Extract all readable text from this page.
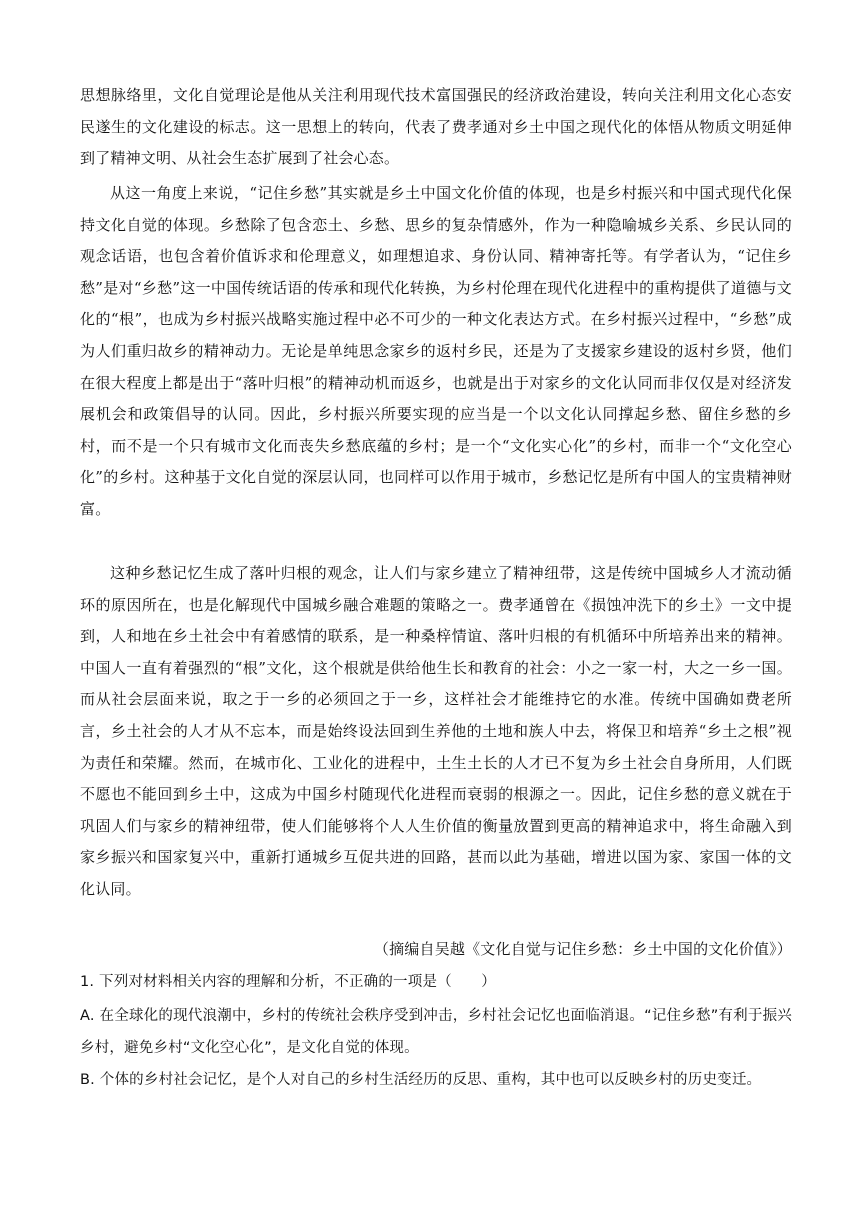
思想脉络里，文化自觉理论是他从关注利用现代技术富国强民的经济政治建设，转向关注利用文化心态安民遂生的文化建设的标志。这一思想上的转向，代表了费孝通对乡土中国之现代化的体悟从物质文明延伸到了精神文明、从社会生态扩展到了社会心态。

从这一角度上来说，“记住乡愁”其实就是乡土中国文化价值的体现，也是乡村振兴和中国式现代化保持文化自觉的体现。乡愁除了包含恋土、乡愁、思乡的复杂情感外，作为一种隐喻城乡关系、乡民认同的观念话语，也包含着价值诉求和伦理意义，如理想追求、身份认同、精神寄托等。有学者认为，“记住乡愁”是对“乡愁”这一中国传统话语的传承和现代化转换，为乡村伦理在现代化进程中的重构提供了道德与文化的“根”，也成为乡村振兴战略实施过程中必不可少的一种文化表达方式。在乡村振兴过程中，“乡愁”成为人们重归故乡的精神动力。无论是单纯思念家乡的返村乡民，还是为了支援家乡建设的返村乡贤，他们在很大程度上都是出于“落叶归根”的精神动机而返乡，也就是出于对家乡的文化认同而非仅仅是对经济发展机会和政策倡导的认同。因此，乡村振兴所要实现的应当是一个以文化认同撑起乡愁、留住乡愁的乡村，而不是一个只有城市文化而丧失乡愁底蕴的乡村；是一个“文化实心化”的乡村，而非一个“文化空心化”的乡村。这种基于文化自觉的深层认同，也同样可以作用于城市，乡愁记忆是所有中国人的宝贵精神财富。

这种乡愁记忆生成了落叶归根的观念，让人们与家乡建立了精神纽带，这是传统中国城乡人才流动循环的原因所在，也是化解现代中国城乡融合难题的策略之一。费孝通曾在《损蚀冲洗下的乡土》一文中提到，人和地在乡土社会中有着感情的联系，是一种桑梓情谊、落叶归根的有机循环中所培养出来的精神。中国人一直有着强烈的“根”文化，这个根就是供给他生长和教育的社会：小之一家一村，大之一乡一国。而从社会层面来说，取之于一乡的必须回之于一乡，这样社会才能维持它的水准。传统中国确如费老所言，乡土社会的人才从不忘本，而是始终设法回到生养他的土地和族人中去，将保卫和培养“乡土之根”视为责任和荣耀。然而，在城市化、工业化的进程中，土生土长的人才已不复为乡土社会自身所用，人们既不愿也不能回到乡土中，这成为中国乡村随现代化进程而衰弱的根源之一。因此，记住乡愁的意义就在于巩固人们与家乡的精神纽带，使人们能够将个人人生价值的衡量放置到更高的精神追求中，将生命融入到家乡振兴和国家复兴中，重新打通城乡互促共进的回路，甚而以此为基础，增进以国为家、家国一体的文化认同。

（摘编自吴越《文化自觉与记住乡愁：乡土中国的文化价值》）

1. 下列对材料相关内容的理解和分析，不正确的一项是（　　）

A. 在全球化的现代浪潮中，乡村的传统社会秩序受到冲击，乡村社会记忆也面临消退。“记住乡愁”有利于振兴乡村，避免乡村“文化空心化”，是文化自觉的体现。

B. 个体的乡村社会记忆，是个人对自己的乡村生活经历的反思、重构，其中也可以反映乡村的历史变迁。
